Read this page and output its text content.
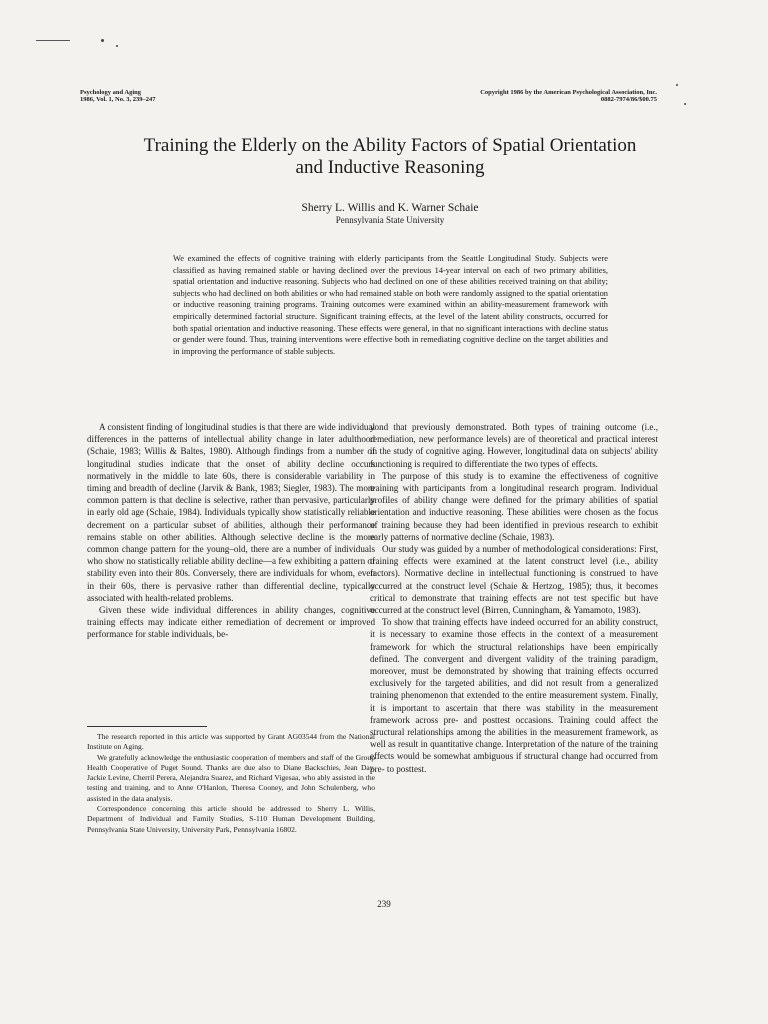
Psychology and Aging
1986, Vol. 1, No. 3, 239–247
Copyright 1986 by the American Psychological Association, Inc.
0882-7974/86/$00.75
Training the Elderly on the Ability Factors of Spatial Orientation and Inductive Reasoning
Sherry L. Willis and K. Warner Schaie
Pennsylvania State University
We examined the effects of cognitive training with elderly participants from the Seattle Longitudinal Study. Subjects were classified as having remained stable or having declined over the previous 14-year interval on each of two primary abilities, spatial orientation and inductive reasoning. Subjects who had declined on one of these abilities received training on that ability; subjects who had declined on both abilities or who had remained stable on both were randomly assigned to the spatial orientation or inductive reasoning training programs. Training outcomes were examined within an ability-measurement framework with empirically determined factorial structure. Significant training effects, at the level of the latent ability constructs, occurred for both spatial orientation and inductive reasoning. These effects were general, in that no significant interactions with decline status or gender were found. Thus, training interventions were effective both in remediating cognitive decline on the target abilities and in improving the performance of stable subjects.

A consistent finding of longitudinal studies is that there are wide individual differences in the patterns of intellectual ability change in later adulthood (Schaie, 1983; Willis & Baltes, 1980). Although findings from a number of longitudinal studies indicate that the onset of ability decline occurs normatively in the middle to late 60s, there is considerable variability in timing and breadth of decline (Jarvik & Bank, 1983; Siegler, 1983). The more common pattern is that decline is selective, rather than pervasive, particularly in early old age (Schaie, 1984). Individuals typically show statistically reliable decrement on a particular subset of abilities, although their performance remains stable on other abilities. Although selective decline is the more common change pattern for the young–old, there are a number of individuals who show no statistically reliable ability decline—a few exhibiting a pattern of stability even into their 80s. Conversely, there are individuals for whom, even in their 60s, there is pervasive rather than differential decline, typically associated with health-related problems.

Given these wide individual differences in ability changes, cognitive training effects may indicate either remediation of decrement or improved performance for stable individuals, be-

The research reported in this article was supported by Grant AG03544 from the National Institute on Aging.

We gratefully acknowledge the enthusiastic cooperation of members and staff of the Group Health Cooperative of Puget Sound. Thanks are due also to Diane Backschies, Jean Day, Jackie Levine, Cherril Perera, Alejandra Suarez, and Richard Vigesaa, who ably assisted in the testing and training, and to Anne O'Hanlon, Theresa Cooney, and John Schulenberg, who assisted in the data analysis.

Correspondence concerning this article should be addressed to Sherry L. Willis, Department of Individual and Family Studies, S-110 Human Development Building, Pennsylvania State University, University Park, Pennsylvania 16802.

yond that previously demonstrated. Both types of training outcome (i.e., remediation, new performance levels) are of theoretical and practical interest in the study of cognitive aging. However, longitudinal data on subjects' ability functioning is required to differentiate the two types of effects.

The purpose of this study is to examine the effectiveness of cognitive training with participants from a longitudinal research program. Individual profiles of ability change were defined for the primary abilities of spatial orientation and inductive reasoning. These abilities were chosen as the focus of training because they had been identified in previous research to exhibit early patterns of normative decline (Schaie, 1983).

Our study was guided by a number of methodological considerations: First, training effects were examined at the latent construct level (i.e., ability factors). Normative decline in intellectual functioning is construed to have occurred at the construct level (Schaie & Hertzog, 1985); thus, it becomes critical to demonstrate that training effects are not test specific but have occurred at the construct level (Birren, Cunningham, & Yamamoto, 1983).

To show that training effects have indeed occurred for an ability construct, it is necessary to examine those effects in the context of a measurement framework for which the structural relationships have been empirically defined. The convergent and divergent validity of the training paradigm, moreover, must be demonstrated by showing that training effects occurred exclusively for the targeted abilities, and did not result from a generalized training phenomenon that extended to the entire measurement system. Finally, it is important to ascertain that there was stability in the measurement framework across pre- and posttest occasions. Training could affect the structural relationships among the abilities in the measurement framework, as well as result in quantitative change. Interpretation of the nature of the training effects would be somewhat ambiguous if structural change had occurred from pre- to posttest.

239
